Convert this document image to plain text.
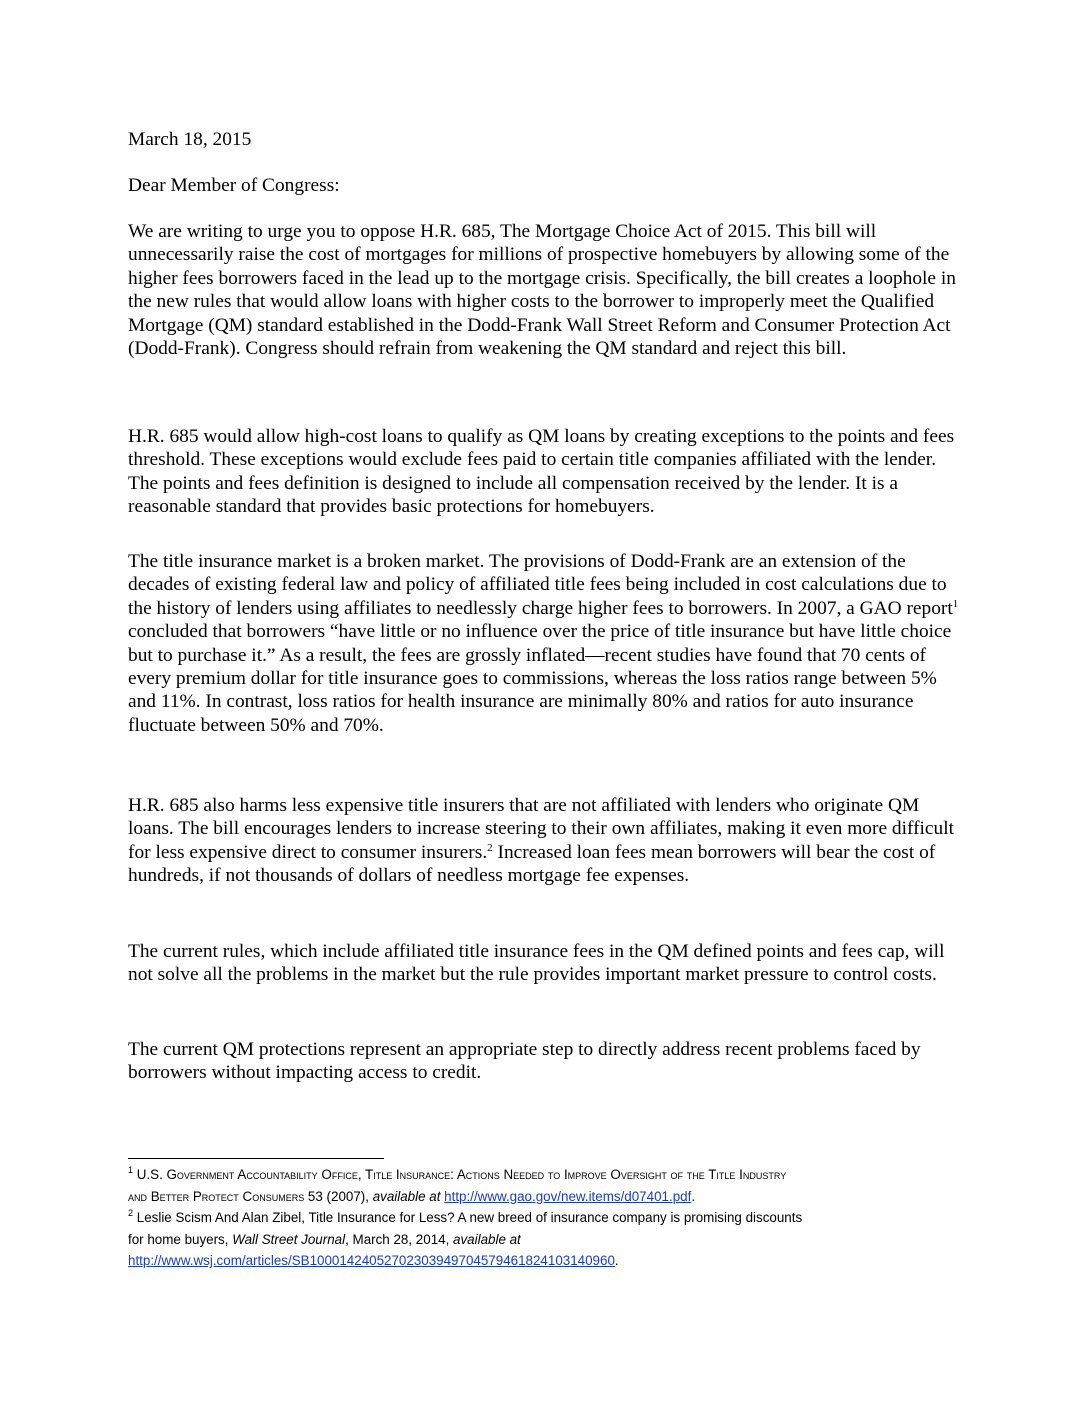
March 18, 2015

Dear Member of Congress:

We are writing to urge you to oppose H.R. 685, The Mortgage Choice Act of 2015. This bill will unnecessarily raise the cost of mortgages for millions of prospective homebuyers by allowing some of the higher fees borrowers faced in the lead up to the mortgage crisis. Specifically, the bill creates a loophole in the new rules that would allow loans with higher costs to the borrower to improperly meet the Qualified Mortgage (QM) standard established in the Dodd-Frank Wall Street Reform and Consumer Protection Act (Dodd-Frank). Congress should refrain from weakening the QM standard and reject this bill.

H.R. 685 would allow high-cost loans to qualify as QM loans by creating exceptions to the points and fees threshold. These exceptions would exclude fees paid to certain title companies affiliated with the lender. The points and fees definition is designed to include all compensation received by the lender. It is a reasonable standard that provides basic protections for homebuyers.

The title insurance market is a broken market. The provisions of Dodd-Frank are an extension of the decades of existing federal law and policy of affiliated title fees being included in cost calculations due to the history of lenders using affiliates to needlessly charge higher fees to borrowers. In 2007, a GAO report$^1$ concluded that borrowers “have little or no influence over the price of title insurance but have little choice but to purchase it.” As a result, the fees are grossly inflated—recent studies have found that 70 cents of every premium dollar for title insurance goes to commissions, whereas the loss ratios range between 5% and 11%. In contrast, loss ratios for health insurance are minimally 80% and ratios for auto insurance fluctuate between 50% and 70%.

H.R. 685 also harms less expensive title insurers that are not affiliated with lenders who originate QM loans. The bill encourages lenders to increase steering to their own affiliates, making it even more difficult for less expensive direct to consumer insurers.$^2$ Increased loan fees mean borrowers will bear the cost of hundreds, if not thousands of dollars of needless mortgage fee expenses.

The current rules, which include affiliated title insurance fees in the QM defined points and fees cap, will not solve all the problems in the market but the rule provides important market pressure to control costs.

The current QM protections represent an appropriate step to directly address recent problems faced by borrowers without impacting access to credit.

$^1$ U.S. Government Accountability Office, Title Insurance: Actions Needed to Improve Oversight of the Title Industry
and Better Protect Consumers 53 (2007), available at http://www.gao.gov/new.items/d07401.pdf.
$^2$ Leslie Scism And Alan Zibel, Title Insurance for Less? A new breed of insurance company is promising discounts
for home buyers, Wall Street Journal, March 28, 2014, available at
http://www.wsj.com/articles/SB10001424052702303949704579461824103140960.
